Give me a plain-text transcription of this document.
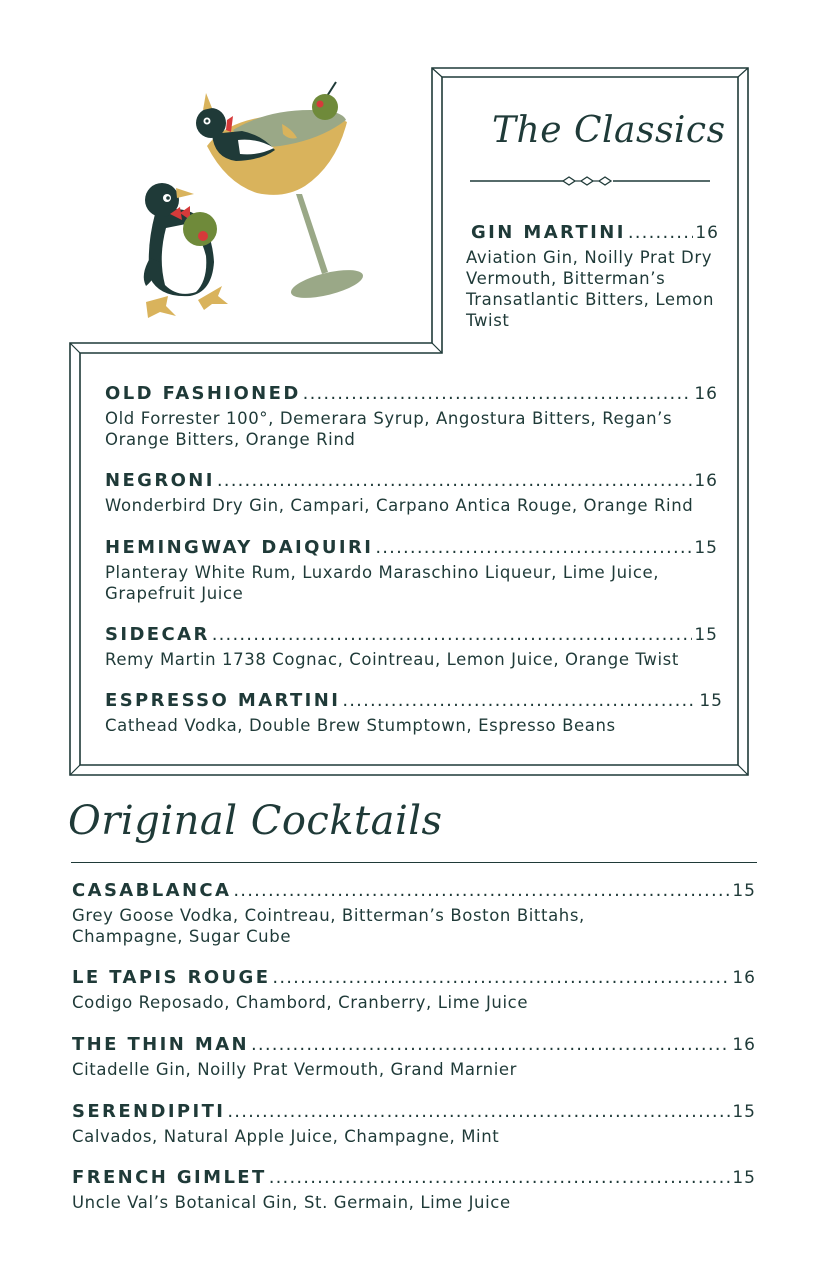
The Classics
GIN MARTINI .....	16
Aviation Gin, Noilly Prat Dry Vermouth, Bitterman’s Transatlantic Bitters, Lemon Twist
OLD FASHIONED .....	16
Old Forrester 100°, Demerara Syrup, Angostura Bitters, Regan’s Orange Bitters, Orange Rind
NEGRONI .....	16
Wonderbird Dry Gin, Campari, Carpano Antica Rouge, Orange Rind
HEMINGWAY DAIQUIRI .....	15
Planteray White Rum, Luxardo Maraschino Liqueur, Lime Juice, Grapefruit Juice
SIDECAR .....	15
Remy Martin 1738 Cognac, Cointreau, Lemon Juice, Orange Twist
ESPRESSO MARTINI .....	15
Cathead Vodka, Double Brew Stumptown, Espresso Beans
Original Cocktails
CASABLANCA .....	15
Grey Goose Vodka, Cointreau, Bitterman’s Boston Bittahs, Champagne, Sugar Cube
LE TAPIS ROUGE .....	16
Codigo Reposado, Chambord, Cranberry, Lime Juice
THE THIN MAN .....	16
Citadelle Gin, Noilly Prat Vermouth, Grand Marnier
SERENDIPITI .....	15
Calvados, Natural Apple Juice, Champagne, Mint
FRENCH GIMLET .....	15
Uncle Val’s Botanical Gin, St. Germain, Lime Juice
